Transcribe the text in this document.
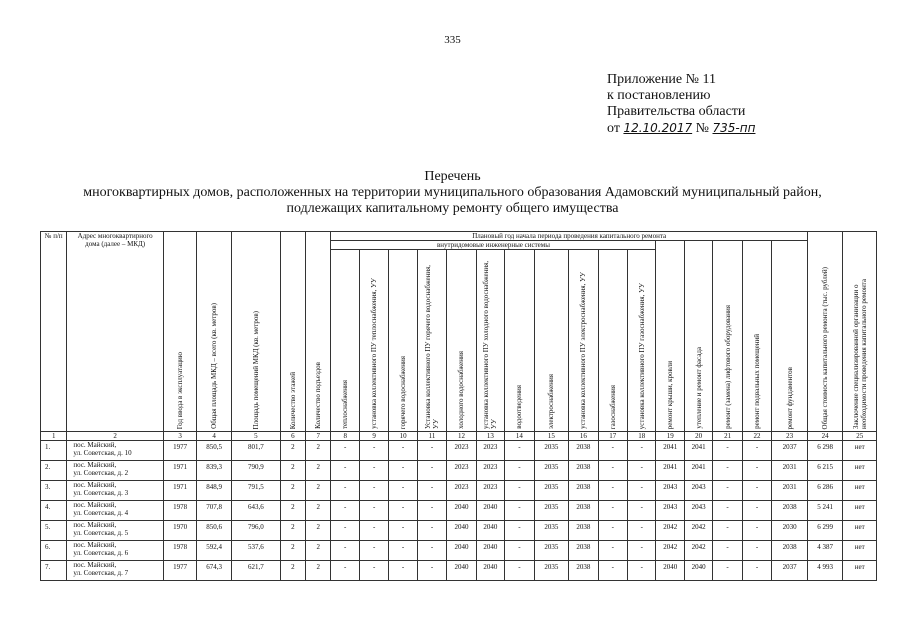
335
Приложение № 11
к постановлению
Правительства области
от 12.10.2017 № 735-пп
Перечень
многоквартирных домов, расположенных на территории муниципального образования Адамовский муниципальный район,
подлежащих капитальному ремонту общего имущества
№ п/п	Адрес многоквартирного дома (далее – МКД)	Год ввода в эксплуатацию	Общая площадь МКД – всего (кв. метров)	Площадь помещений МКД (кв. метров)	Количество этажей	Количество подъездов	Плановый год начала периода проведения капитального ремонта																Общая стоимость капитального ремонта (тыс. рублей)	Заключение специализированной организации о необходимости проведения капитального ремонта
							внутридомовые инженерные системы											ремонт крыши, кровли	утепление и ремонт фасада	ремонт (замена) лифтового оборудования	ремонт подвальных помещений	ремонт фундаментов		
							теплоснабжения	установка коллективного ПУ теплоснабжения, УУ	горячего водоснабжения	Установка коллективного ПУ горячего водоснабжения, УУ	холодного водоснабжения	установка коллективного ПУ холодного водоснабжения, УУ	водоотведения	электроснабжения	установка коллективного ПУ электроснабжения, УУ	газоснабжения	установка коллективного ПУ газоснабжения, УУ							
1	2	3	4	5	6	7	8	9	10	11	12	13	14	15	16	17	18	19	20	21	22	23	24	25
1.	пос. Майский,
ул. Советская, д. 10	1977	850,5	801,7	2	2	-	-	-	-	2023	2023	-	2035	2038	-	-	2041	2041	-	-	2037	6 298	нет
2.	пос. Майский,
ул. Советская, д. 2	1971	839,3	790,9	2	2	-	-	-	-	2023	2023	-	2035	2038	-	-	2041	2041	-	-	2031	6 215	нет
3.	пос. Майский,
ул. Советская, д. 3	1971	848,9	791,5	2	2	-	-	-	-	2023	2023	-	2035	2038	-	-	2043	2043	-	-	2031	6 286	нет
4.	пос. Майский,
ул. Советская, д. 4	1978	707,8	643,6	2	2	-	-	-	-	2040	2040	-	2035	2038	-	-	2043	2043	-	-	2038	5 241	нет
5.	пос. Майский,
ул. Советская, д. 5	1970	850,6	796,0	2	2	-	-	-	-	2040	2040	-	2035	2038	-	-	2042	2042	-	-	2030	6 299	нет
6.	пос. Майский,
ул. Советская, д. 6	1978	592,4	537,6	2	2	-	-	-	-	2040	2040	-	2035	2038	-	-	2042	2042	-	-	2038	4 387	нет
7.	пос. Майский,
ул. Советская, д. 7	1977	674,3	621,7	2	2	-	-	-	-	2040	2040	-	2035	2038	-	-	2040	2040	-	-	2037	4 993	нет
